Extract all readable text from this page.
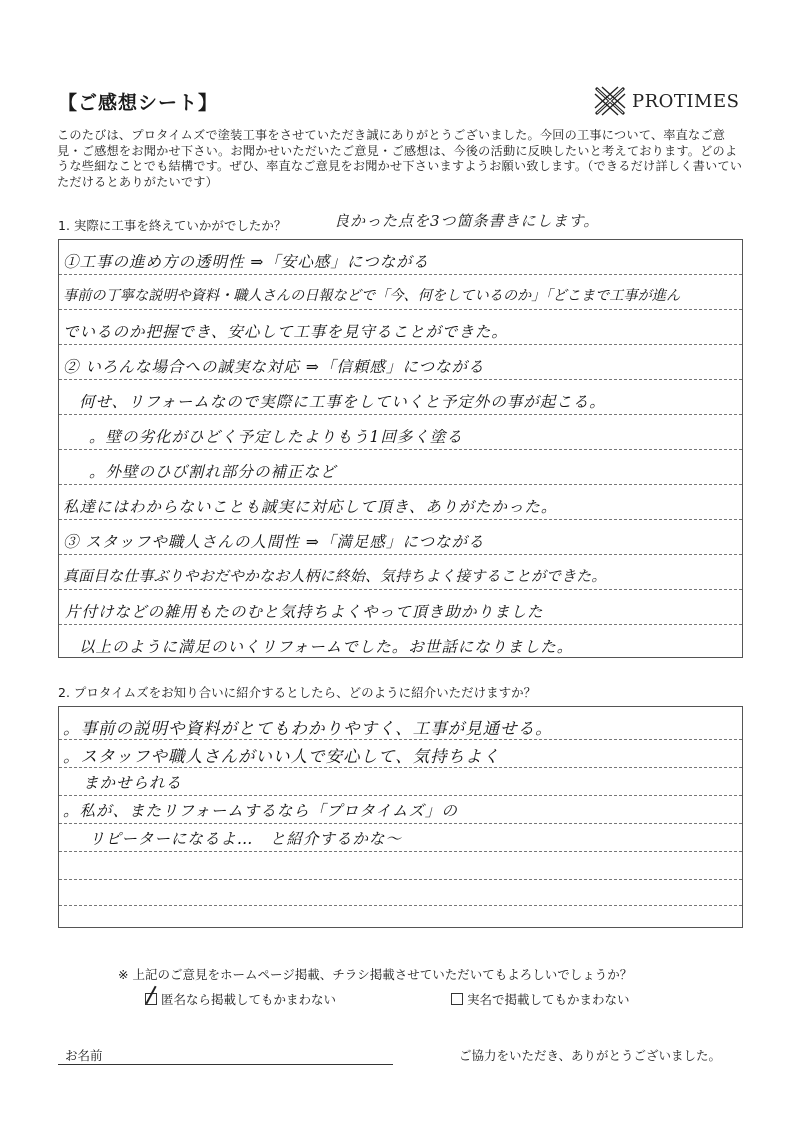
【ご感想シート】	PROTIMES
このたびは、プロタイムズで塗装工事をさせていただき誠にありがとうございました。今回の工事について、率直なご意見・ご感想をお聞かせ下さい。お聞かせいただいたご意見・ご感想は、今後の活動に反映したいと考えております。どのような些細なことでも結構です。ぜひ、率直なご意見をお聞かせ下さいますようお願い致します。（できるだけ詳しく書いていただけるとありがたいです）
1. 実際に工事を終えていかがでしたか？	良かった点を3つ箇条書きにします。
①工事の進め方の透明性 ⇒「安心感」につながる
事前の丁寧な説明や資料・職人さんの日報などで「今、何をしているのか」「どこまで工事が進ん
でいるのか把握でき、安心して工事を見守ることができた。
② いろんな場合への誠実な対応 ⇒「信頼感」につながる
何せ、リフォームなので実際に工事をしていくと予定外の事が起こる。
。壁の劣化がひどく予定したよりもう1回多く塗る
。外壁のひび割れ部分の補正など
私達にはわからないことも誠実に対応して頂き、ありがたかった。
③ スタッフや職人さんの人間性 ⇒「満足感」につながる
真面目な仕事ぶりやおだやかなお人柄に終始、気持ちよく接することができた。
片付けなどの雑用もたのむと気持ちよくやって頂き助かりました
以上のように満足のいくリフォームでした。お世話になりました。
2. プロタイムズをお知り合いに紹介するとしたら、どのように紹介いただけますか？
。事前の説明や資料がとてもわかりやすく、工事が見通せる。
。スタッフや職人さんがいい人で安心して、気持ちよく
まかせられる
。私が、またリフォームするなら「プロタイムズ」の
リピーターになるよ…　と紹介するかな〜
※ 上記のご意見をホームページ掲載、チラシ掲載させていただいてもよろしいでしょうか？
匿名なら掲載してもかまわない	実名で掲載してもかまわない
お名前	ご協力をいただき、ありがとうございました。
